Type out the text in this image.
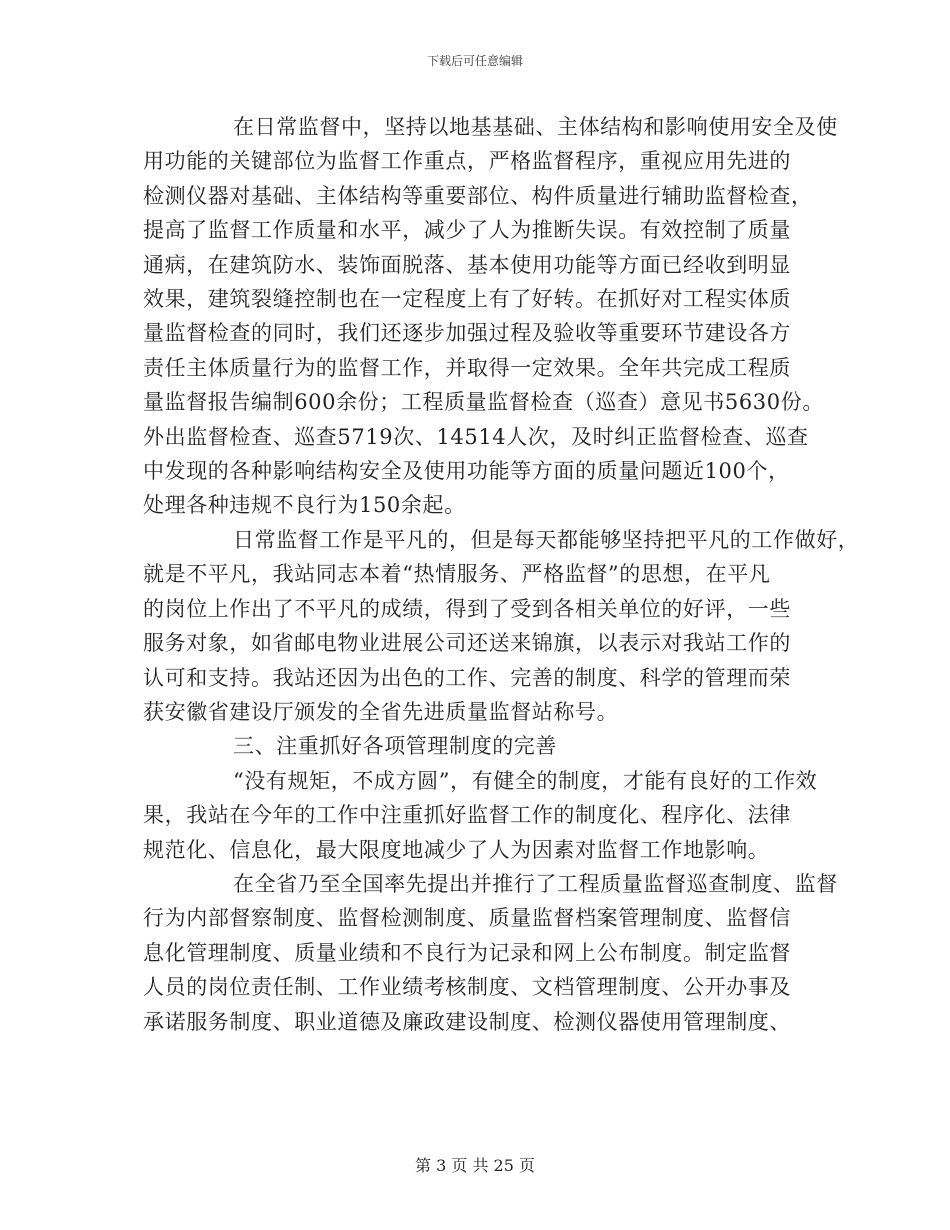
下载后可任意编辑

在日常监督中，坚持以地基基础、主体结构和影响使用安全及使
用功能的关键部位为监督工作重点，严格监督程序，重视应用先进的
检测仪器对基础、主体结构等重要部位、构件质量进行辅助监督检查，
提高了监督工作质量和水平，减少了人为推断失误。有效控制了质量
通病，在建筑防水、装饰面脱落、基本使用功能等方面已经收到明显
效果，建筑裂缝控制也在一定程度上有了好转。在抓好对工程实体质
量监督检查的同时，我们还逐步加强过程及验收等重要环节建设各方
责任主体质量行为的监督工作，并取得一定效果。全年共完成工程质
量监督报告编制600余份；工程质量监督检查（巡查）意见书5630份。
外出监督检查、巡查5719次、14514人次，及时纠正监督检查、巡查
中发现的各种影响结构安全及使用功能等方面的质量问题近100个，
处理各种违规不良行为150余起。

日常监督工作是平凡的，但是每天都能够坚持把平凡的工作做好，
就是不平凡，我站同志本着“热情服务、严格监督”的思想，在平凡
的岗位上作出了不平凡的成绩，得到了受到各相关单位的好评，一些
服务对象，如省邮电物业进展公司还送来锦旗，以表示对我站工作的
认可和支持。我站还因为出色的工作、完善的制度、科学的管理而荣
获安徽省建设厅颁发的全省先进质量监督站称号。

三、注重抓好各项管理制度的完善

“没有规矩，不成方圆”，有健全的制度，才能有良好的工作效
果，我站在今年的工作中注重抓好监督工作的制度化、程序化、法律
规范化、信息化，最大限度地减少了人为因素对监督工作地影响。

在全省乃至全国率先提出并推行了工程质量监督巡查制度、监督
行为内部督察制度、监督检测制度、质量监督档案管理制度、监督信
息化管理制度、质量业绩和不良行为记录和网上公布制度。制定监督
人员的岗位责任制、工作业绩考核制度、文档管理制度、公开办事及
承诺服务制度、职业道德及廉政建设制度、检测仪器使用管理制度、

第 3 页 共 25 页
